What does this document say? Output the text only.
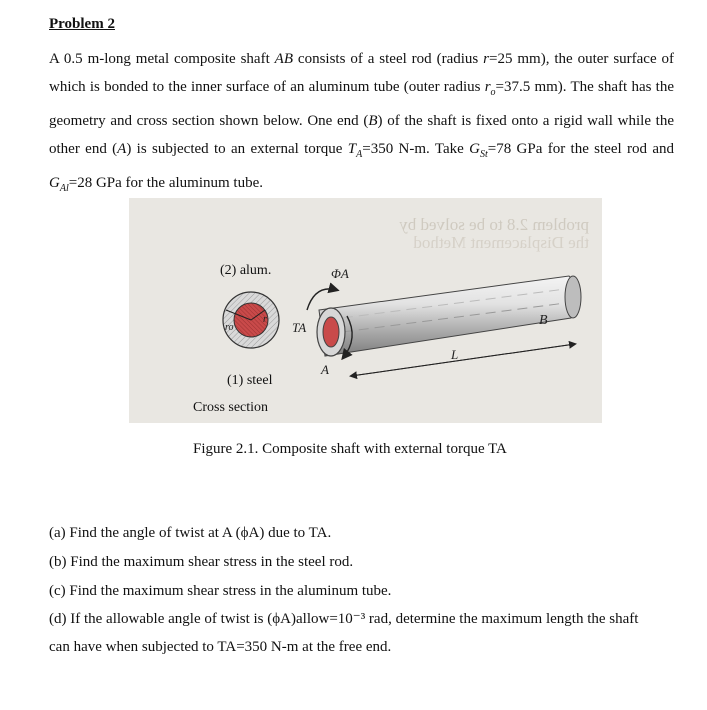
Problem 2
A 0.5 m-long metal composite shaft AB consists of a steel rod (radius r=25 mm), the outer surface of which is bonded to the inner surface of an aluminum tube (outer radius $r_o=37.5$ mm). The shaft has the geometry and cross section shown below. One end (B) of the shaft is fixed onto a rigid wall while the other end (A) is subjected to an external torque $T_A=350$ N-m. Take $G_{St}=78$ GPa for the steel rod and $G_{Al}=28$ GPa for the aluminum tube.
problem 2.8 to be solved by
the Displacement Method
B
ΦA
TA
A
L
ro
r
(2) alum.
(1) steel
Cross section
Figure 2.1. Composite shaft with external torque TA
(a) Find the angle of twist at A (ϕA) due to TA.
(b) Find the maximum shear stress in the steel rod.
(c) Find the maximum shear stress in the aluminum tube.
(d) If the allowable angle of twist is (ϕA)allow=10⁻³ rad, determine the maximum length the shaft
can have when subjected to TA=350 N-m at the free end.
